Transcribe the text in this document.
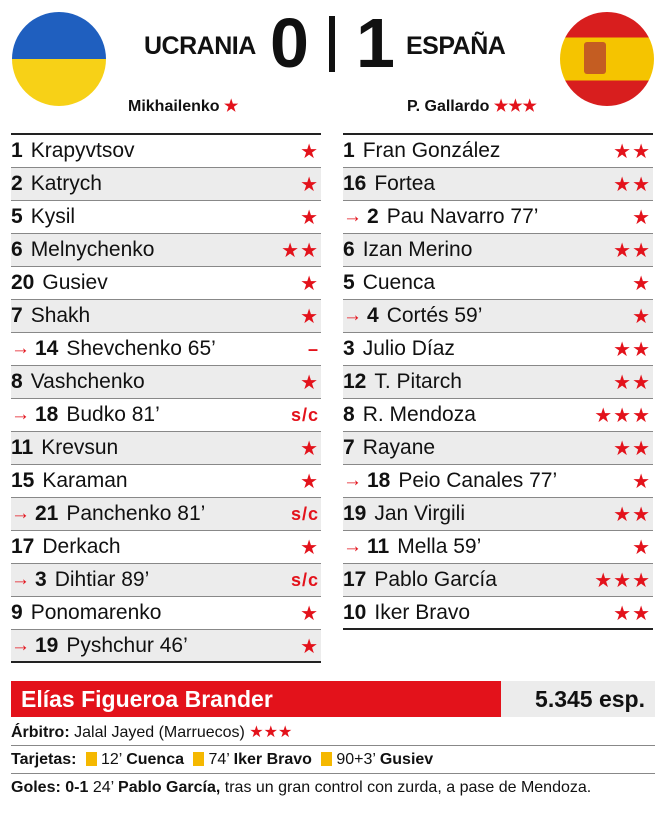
UCRANIA 0 1 ESPAÑA
Mikhailenko ★	P. Gallardo ★★★
1 Krapyvtsov	★
2 Katrych	★
5 Kysil	★
6 Melnychenko	★★
20 Gusiev	★
7 Shakh	★
→ 14 Shevchenko 65’	–
8 Vashchenko	★
→ 18 Budko 81’	s/c
11 Krevsun	★
15 Karaman	★
→ 21 Panchenko 81’	s/c
17 Derkach	★
→ 3 Dihtiar 89’	s/c
9 Ponomarenko	★
→ 19 Pyshchur 46’	★
1 Fran González	★★
16 Fortea	★★
→ 2 Pau Navarro 77’	★
6 Izan Merino	★★
5 Cuenca	★
→ 4 Cortés 59’	★
3 Julio Díaz	★★
12 T. Pitarch	★★
8 R. Mendoza	★★★
7 Rayane	★★
→ 18 Peio Canales 77’	★
19 Jan Virgili	★★
→ 11 Mella 59’	★
17 Pablo García	★★★
10 Iker Bravo	★★
Elías Figueroa Brander	5.345 esp.
Árbitro: Jalal Jayed (Marruecos) ★★★
Tarjetas: 12’ Cuenca 74’ Iker Bravo 90+3’ Gusiev
Goles: 0-1 24’ Pablo García, tras un gran control con zurda, a pase de Mendoza.
